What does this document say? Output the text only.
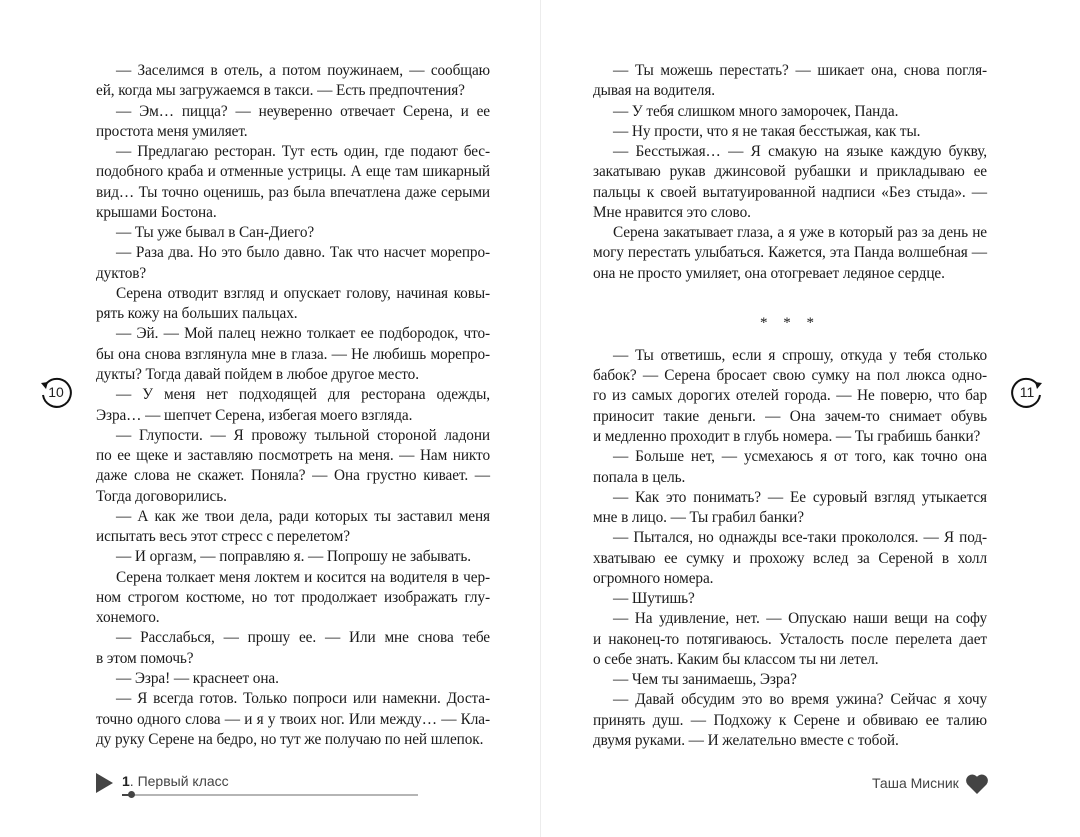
— Заселимся в отель, а потом поужинаем, — сообщаю
ей, когда мы загружаемся в такси. — Есть предпочтения?
— Эм… пицца? — неуверенно отвечает Серена, и ее
простота меня умиляет.
— Предлагаю ресторан. Тут есть один, где подают бес-
подобного краба и отменные устрицы. А еще там шикарный
вид… Ты точно оценишь, раз была впечатлена даже серыми
крышами Бостона.
— Ты уже бывал в Сан-Диего?
— Раза два. Но это было давно. Так что насчет морепро-
дуктов?
Серена отводит взгляд и опускает голову, начиная ковы-
рять кожу на больших пальцах.
— Эй. — Мой палец нежно толкает ее подбородок, что-
бы она снова взглянула мне в глаза. — Не любишь морепро-
дукты? Тогда давай пойдем в любое другое место.
— У меня нет подходящей для ресторана одежды,
Эзра… — шепчет Серена, избегая моего взгляда.
— Глупости. — Я провожу тыльной стороной ладони
по ее щеке и заставляю посмотреть на меня. — Нам никто
даже слова не скажет. Поняла? — Она грустно кивает. —
Тогда договорились.
— А как же твои дела, ради которых ты заставил меня
испытать весь этот стресс с перелетом?
— И оргазм, — поправляю я. — Попрошу не забывать.
Серена толкает меня локтем и косится на водителя в чер-
ном строгом костюме, но тот продолжает изображать глу-
хонемого.
— Расслабься, — прошу ее. — Или мне снова тебе
в этом помочь?
— Эзра! — краснеет она.
— Я всегда готов. Только попроси или намекни. Доста-
точно одного слова — и я у твоих ног. Или между… — Кла-
ду руку Серене на бедро, но тут же получаю по ней шлепок.
— Ты можешь перестать? — шикает она, снова погля-
дывая на водителя.
— У тебя слишком много заморочек, Панда.
— Ну прости, что я не такая бесстыжая, как ты.
— Бесстыжая… — Я смакую на языке каждую букву,
закатываю рукав джинсовой рубашки и прикладываю ее
пальцы к своей вытатуированной надписи «Без стыда». —
Мне нравится это слово.
Серена закатывает глаза, а я уже в который раз за день не
могу перестать улыбаться. Кажется, эта Панда волшебная —
она не просто умиляет, она отогревает ледяное сердце.
* * *
— Ты ответишь, если я спрошу, откуда у тебя столько
бабок? — Серена бросает свою сумку на пол люкса одно-
го из самых дорогих отелей города. — Не поверю, что бар
приносит такие деньги. — Она зачем-то снимает обувь
и медленно проходит в глубь номера. — Ты грабишь банки?
— Больше нет, — усмехаюсь я от того, как точно она
попала в цель.
— Как это понимать? — Ее суровый взгляд утыкается
мне в лицо. — Ты грабил банки?
— Пытался, но однажды все-таки прокололся. — Я под-
хватываю ее сумку и прохожу вслед за Сереной в холл
огромного номера.
— Шутишь?
— На удивление, нет. — Опускаю наши вещи на софу
и наконец-то потягиваюсь. Усталость после перелета дает
о себе знать. Каким бы классом ты ни летел.
— Чем ты занимаешь, Эзра?
— Давай обсудим это во время ужина? Сейчас я хочу
принять душ. — Подхожу к Серене и обвиваю ее талию
двумя руками. — И желательно вместе с тобой.
10	11
1. Первый класс	Таша Мисник
